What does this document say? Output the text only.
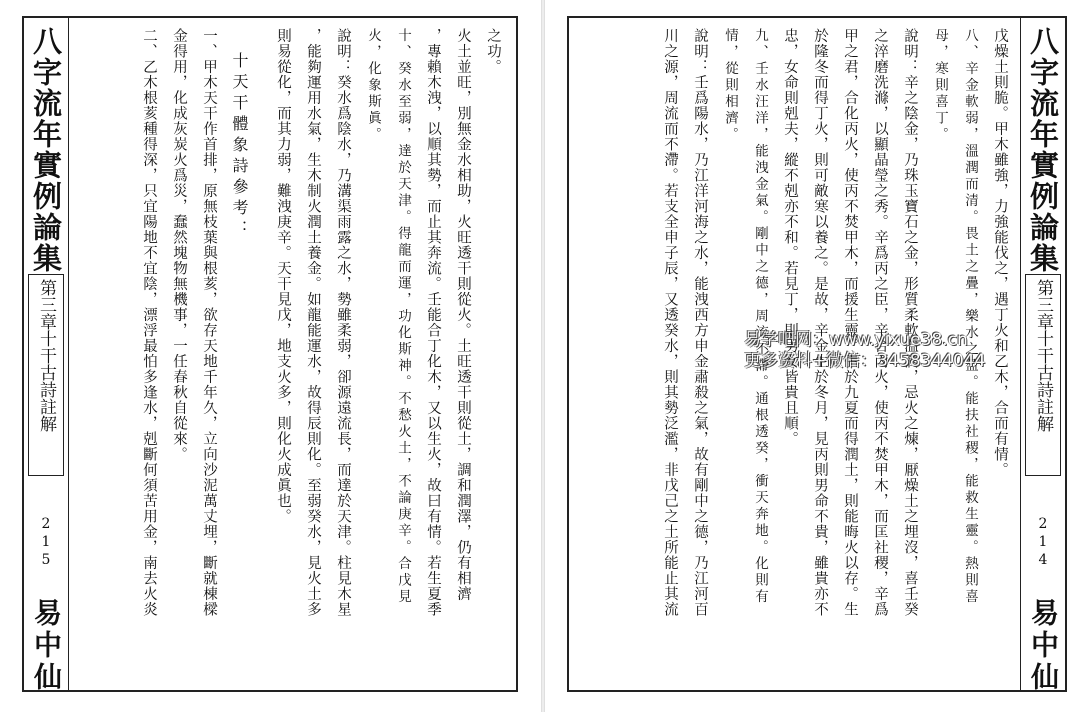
八字流年實例論集
第三章十干古詩註解
215
易中仙
之功。
火土並旺，別無金水相助，火旺透干則從火。土旺透干則從土，調和潤澤，仍有相濟
，專賴木洩，以順其勢，而止其奔流。壬能合丁化木，又以生火，故曰有情。若生夏季
十、癸水至弱，達於天津。得龍而運，功化斯神。不愁火土，不論庚辛。合戊見
火，化象斯眞。
說明：癸水爲陰水，乃溝渠雨露之水，勢雖柔弱，卻源遠流長，而達於天津。柱見木星
，能夠運用水氣，生木制火潤土養金。如龍能運水，故得辰則化。至弱癸水，見火土多
則易從化，而其力弱，難洩庚辛。天干見戊，地支火多，則化火成眞也。
十天干體象詩參考：
一、甲木天干作首排，原無枝葉與根荄，欲存天地千年久，立向沙泥萬丈埋，斷就棟樑
金得用，化成灰炭火爲災，蠢然塊物無機事，一任春秋自從來。
二、乙木根荄種得深，只宜陽地不宜陰，漂浮最怕多逢水，剋斷何須苦用金，南去火炎	戊燥土則脆。甲木雖強，力強能伐之，遇丁火和乙木，合而有情。
八、辛金軟弱，溫潤而清。畏土之疊，樂水之盈。能扶社稷，能救生靈。熱則喜
母，寒則喜丁。
說明：辛之陰金，乃珠玉寶石之金，形質柔軟溫潤，忌火之煉，厭燥土之埋沒，喜壬癸
之淬磨洗滌，以顯晶瑩之秀。辛爲丙之臣，辛合丙火，使丙不焚甲木，而匡社稷，辛爲
甲之君，合化丙火，使丙不焚甲木，而援生靈。生於九夏而得潤土，則能晦火以存。生
於隆冬而得丁火，則可敵寒以養之。是故，辛金生於冬月，見丙則男命不貴，雖貴亦不
忠，女命則剋夫，縱不剋亦不和。若見丁，則男女皆貴且順。
九、壬水汪洋，能洩金氣。剛中之德，周流不滯。通根透癸，衝天奔地。化則有
情，從則相濟。
說明：壬爲陽水，乃江洋河海之水，能洩西方申金肅殺之氣，故有剛中之德，乃江河百
川之源，周流而不滯。若支全申子辰，又透癸水，則其勢泛濫，非戊己之土所能止其流	八字流年實例論集
第三章十干古詩註解
214
易中仙
易学吧网：www.yixue38.cn
更多资料+微信：3458344044
